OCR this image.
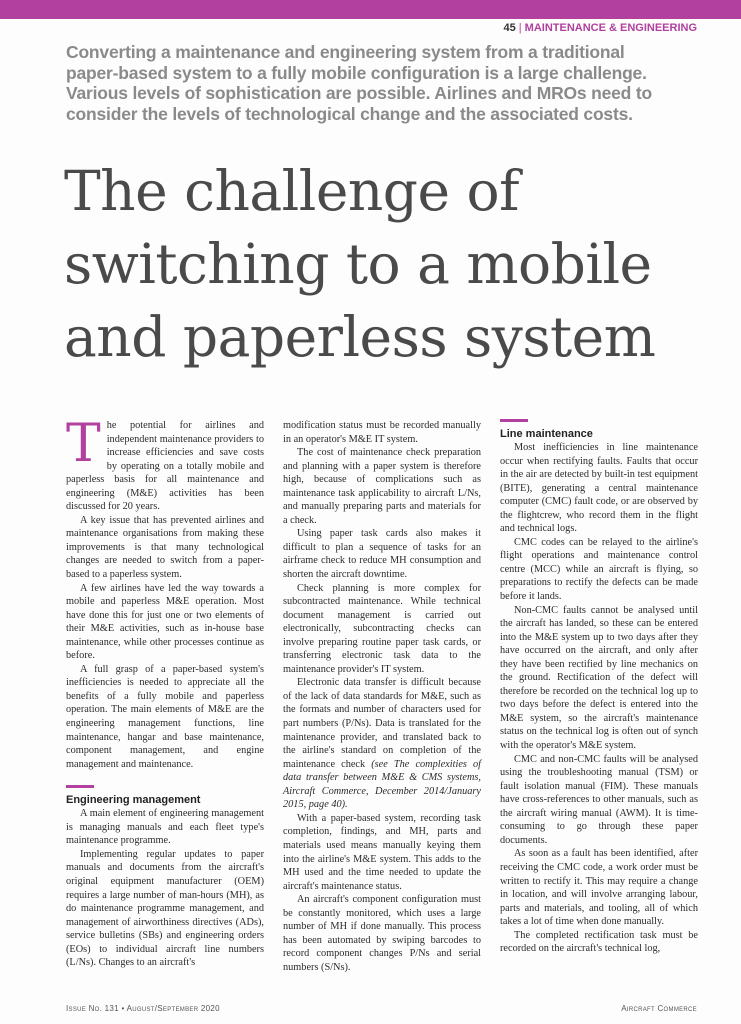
45 | MAINTENANCE & ENGINEERING
Converting a maintenance and engineering system from a traditional paper-based system to a fully mobile configuration is a large challenge. Various levels of sophistication are possible. Airlines and MROs need to consider the levels of technological change and the associated costs.
The challenge of
switching to a mobile
and paperless system

The potential for airlines and independent maintenance providers to increase efficiencies and save costs by operating on a totally mobile and paperless basis for all maintenance and engineering (M&E) activities has been discussed for 20 years.

A key issue that has prevented airlines and maintenance organisations from making these improvements is that many technological changes are needed to switch from a paper-based to a paperless system.

A few airlines have led the way towards a mobile and paperless M&E operation. Most have done this for just one or two elements of their M&E activities, such as in-house base maintenance, while other processes continue as before.

A full grasp of a paper-based system's inefficiencies is needed to appreciate all the benefits of a fully mobile and paperless operation. The main elements of M&E are the engineering management functions, line maintenance, hangar and base maintenance, component management, and engine management and maintenance.

Engineering management

A main element of engineering management is managing manuals and each fleet type's maintenance programme.

Implementing regular updates to paper manuals and documents from the aircraft's original equipment manufacturer (OEM) requires a large number of man-hours (MH), as do maintenance programme management, and management of airworthiness directives (ADs), service bulletins (SBs) and engineering orders (EOs) to individual aircraft line numbers (L/Ns). Changes to an aircraft's

modification status must be recorded manually in an operator's M&E IT system.

The cost of maintenance check preparation and planning with a paper system is therefore high, because of complications such as maintenance task applicability to aircraft L/Ns, and manually preparing parts and materials for a check.

Using paper task cards also makes it difficult to plan a sequence of tasks for an airframe check to reduce MH consumption and shorten the aircraft downtime.

Check planning is more complex for subcontracted maintenance. While technical document management is carried out electronically, subcontracting checks can involve preparing routine paper task cards, or transferring electronic task data to the maintenance provider's IT system.

Electronic data transfer is difficult because of the lack of data standards for M&E, such as the formats and number of characters used for part numbers (P/Ns). Data is translated for the maintenance provider, and translated back to the airline's standard on completion of the maintenance check (see The complexities of data transfer between M&E & CMS systems, Aircraft Commerce, December 2014/January 2015, page 40).

With a paper-based system, recording task completion, findings, and MH, parts and materials used means manually keying them into the airline's M&E system. This adds to the MH used and the time needed to update the aircraft's maintenance status.

An aircraft's component configuration must be constantly monitored, which uses a large number of MH if done manually. This process has been automated by swiping barcodes to record component changes P/Ns and serial numbers (S/Ns).

Line maintenance

Most inefficiencies in line maintenance occur when rectifying faults. Faults that occur in the air are detected by built-in test equipment (BITE), generating a central maintenance computer (CMC) fault code, or are observed by the flightcrew, who record them in the flight and technical logs.

CMC codes can be relayed to the airline's flight operations and maintenance control centre (MCC) while an aircraft is flying, so preparations to rectify the defects can be made before it lands.

Non-CMC faults cannot be analysed until the aircraft has landed, so these can be entered into the M&E system up to two days after they have occurred on the aircraft, and only after they have been rectified by line mechanics on the ground. Rectification of the defect will therefore be recorded on the technical log up to two days before the defect is entered into the M&E system, so the aircraft's maintenance status on the technical log is often out of synch with the operator's M&E system.

CMC and non-CMC faults will be analysed using the troubleshooting manual (TSM) or fault isolation manual (FIM). These manuals have cross-references to other manuals, such as the aircraft wiring manual (AWM). It is time-consuming to go through these paper documents.

As soon as a fault has been identified, after receiving the CMC code, a work order must be written to rectify it. This may require a change in location, and will involve arranging labour, parts and materials, and tooling, all of which takes a lot of time when done manually.

The completed rectification task must be recorded on the aircraft's technical log,

Issue No. 131 • August/September 2020	Aircraft Commerce
